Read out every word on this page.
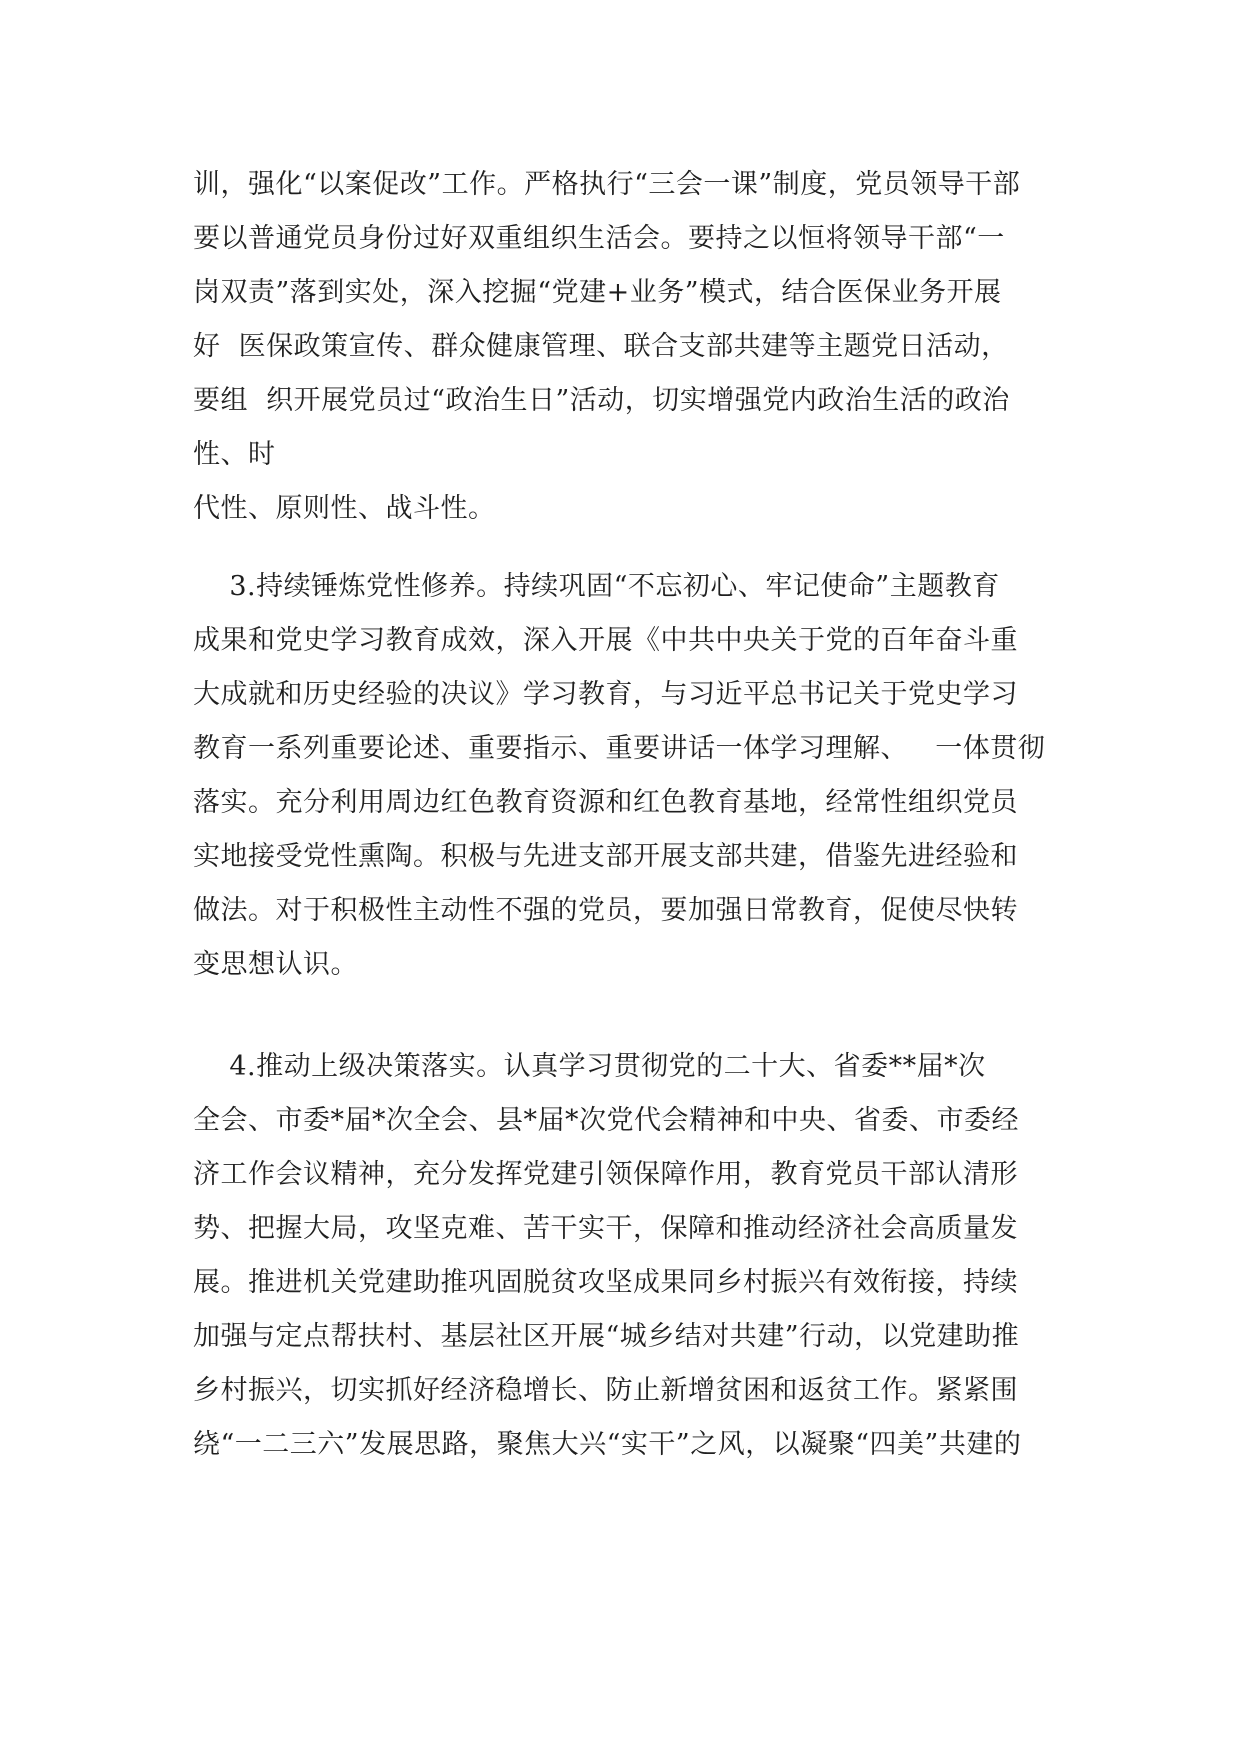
训，强化“以案促改”工作。严格执行“三会一课”制度，党员领导干部
要以普通党员身份过好双重组织生活会。要持之以恒将领导干部“一
岗双责”落到实处，深入挖掘“党建+业务”模式，结合医保业务开展
好  医保政策宣传、群众健康管理、联合支部共建等主题党日活动，
要组  织开展党员过“政治生日”活动，切实增强党内政治生活的政治
性、时
代性、原则性、战斗性。
3.持续锤炼党性修养。持续巩固“不忘初心、牢记使命”主题教育
成果和党史学习教育成效，深入开展《中共中央关于党的百年奋斗重
大成就和历史经验的决议》学习教育，与习近平总书记关于党史学习
教育一系列重要论述、重要指示、重要讲话一体学习理解、   一体贯彻
落实。充分利用周边红色教育资源和红色教育基地，经常性组织党员
实地接受党性熏陶。积极与先进支部开展支部共建，借鉴先进经验和
做法。对于积极性主动性不强的党员，要加强日常教育，促使尽快转
变思想认识。
4.推动上级决策落实。认真学习贯彻党的二十大、省委**届*次
全会、市委*届*次全会、县*届*次党代会精神和中央、省委、市委经
济工作会议精神，充分发挥党建引领保障作用，教育党员干部认清形
势、把握大局，攻坚克难、苦干实干，保障和推动经济社会高质量发
展。推进机关党建助推巩固脱贫攻坚成果同乡村振兴有效衔接，持续
加强与定点帮扶村、基层社区开展“城乡结对共建”行动，以党建助推
乡村振兴，切实抓好经济稳增长、防止新增贫困和返贫工作。紧紧围
绕“一二三六”发展思路，聚焦大兴“实干”之风，以凝聚“四美”共建的
